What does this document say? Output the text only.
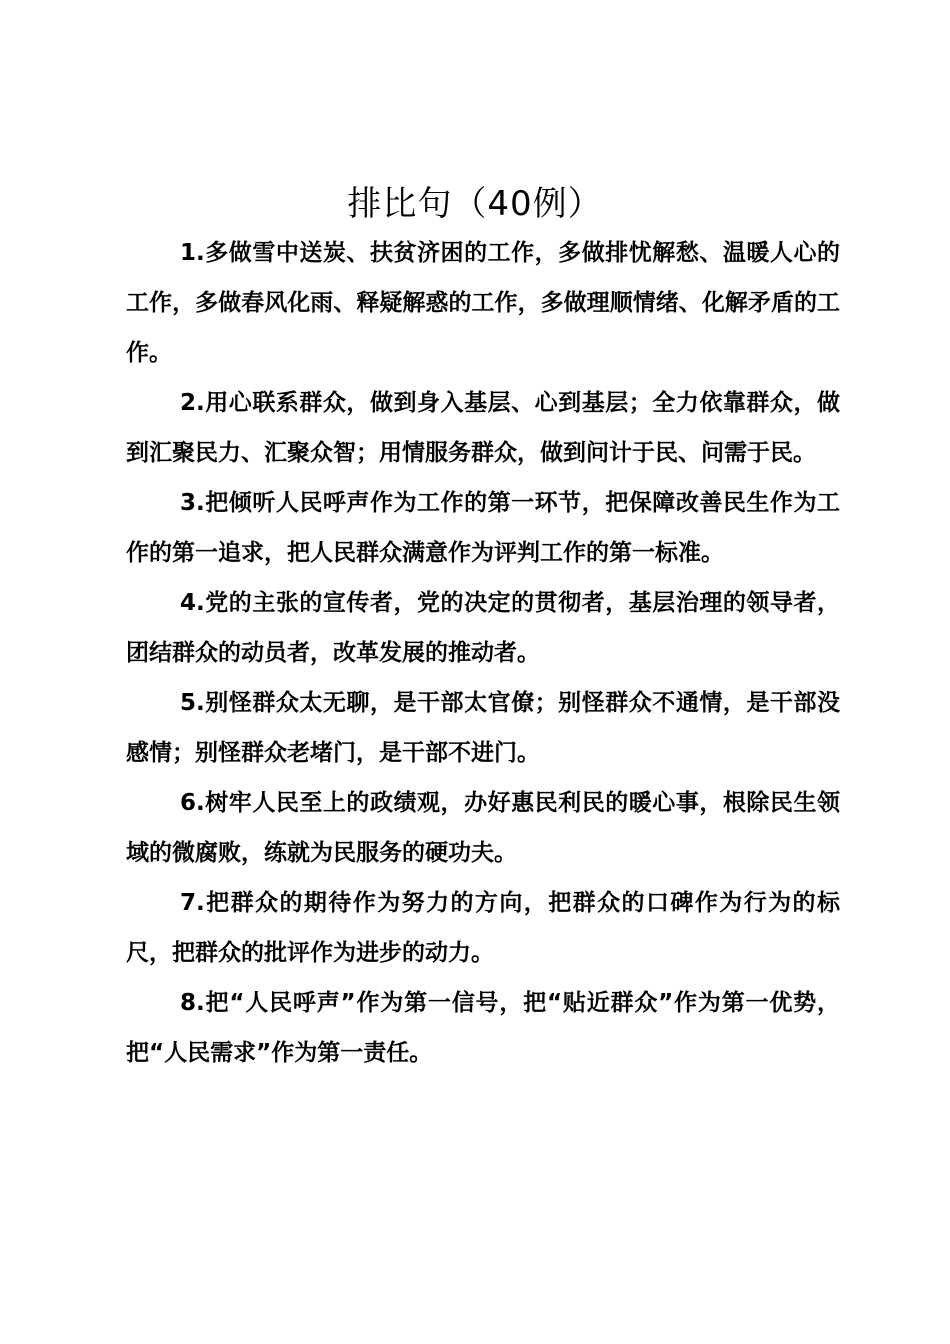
排比句（40例）

1.多做雪中送炭、扶贫济困的工作，多做排忧解愁、温暖人心的工作，多做春风化雨、释疑解惑的工作，多做理顺情绪、化解矛盾的工作。

2.用心联系群众，做到身入基层、心到基层；全力依靠群众，做到汇聚民力、汇聚众智；用情服务群众，做到问计于民、问需于民。

3.把倾听人民呼声作为工作的第一环节，把保障改善民生作为工作的第一追求，把人民群众满意作为评判工作的第一标准。

4.党的主张的宣传者，党的决定的贯彻者，基层治理的领导者，团结群众的动员者，改革发展的推动者。

5.别怪群众太无聊，是干部太官僚；别怪群众不通情，是干部没感情；别怪群众老堵门，是干部不进门。

6.树牢人民至上的政绩观，办好惠民利民的暖心事，根除民生领域的微腐败，练就为民服务的硬功夫。

7.把群众的期待作为努力的方向，把群众的口碑作为行为的标尺，把群众的批评作为进步的动力。

8.把“人民呼声”作为第一信号，把“贴近群众”作为第一优势，把“人民需求”作为第一责任。
